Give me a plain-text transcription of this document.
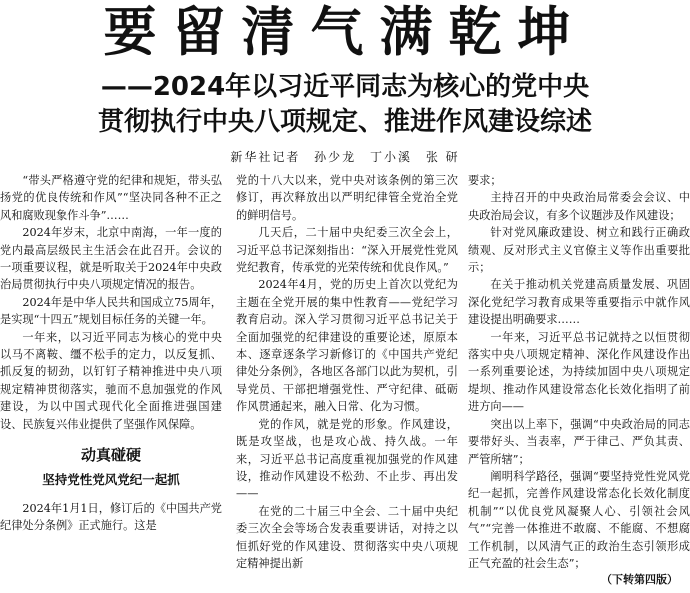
要留清气满乾坤
——2024年以习近平同志为核心的党中央
贯彻执行中央八项规定、推进作风建设综述
新华社记者 孙少龙 丁小溪 张 研

“带头严格遵守党的纪律和规矩，带头弘扬党的优良传统和作风”“坚决同各种不正之风和腐败现象作斗争”……

2024年岁末，北京中南海，一年一度的党内最高层级民主生活会在此召开。会议的一项重要议程，就是听取关于2024年中央政治局贯彻执行中央八项规定情况的报告。

2024年是中华人民共和国成立75周年，是实现“十四五”规划目标任务的关键一年。

一年来，以习近平同志为核心的党中央以马不离鞍、缰不松手的定力，以反复抓、抓反复的韧劲，以钉钉子精神推进中央八项规定精神贯彻落实，驰而不息加强党的作风建设，为以中国式现代化全面推进强国建设、民族复兴伟业提供了坚强作风保障。

动真碰硬
坚持党性党风党纪一起抓

2024年1月1日，修订后的《中国共产党纪律处分条例》正式施行。这是

党的十八大以来，党中央对该条例的第三次修订，再次释放出以严明纪律管全党治全党的鲜明信号。

几天后，二十届中央纪委三次全会上，习近平总书记深刻指出：“深入开展党性党风党纪教育，传承党的光荣传统和优良作风。”

2024年4月，党的历史上首次以党纪为主题在全党开展的集中性教育——党纪学习教育启动。深入学习贯彻习近平总书记关于全面加强党的纪律建设的重要论述，原原本本、逐章逐条学习新修订的《中国共产党纪律处分条例》，各地区各部门以此为契机，引导党员、干部把增强党性、严守纪律、砥砺作风贯通起来，融入日常、化为习惯。

党的作风，就是党的形象。作风建设，既是攻坚战，也是攻心战、持久战。一年来，习近平总书记高度重视加强党的作风建设，推动作风建设不松劲、不止步、再出发——

在党的二十届三中全会、二十届中央纪委三次全会等场合发表重要讲话，对持之以恒抓好党的作风建设、贯彻落实中央八项规定精神提出新

要求；

主持召开的中央政治局常委会会议、中央政治局会议，有多个议题涉及作风建设；

针对党风廉政建设、树立和践行正确政绩观、反对形式主义官僚主义等作出重要批示；

在关于推动机关党建高质量发展、巩固深化党纪学习教育成果等重要指示中就作风建设提出明确要求……

一年来，习近平总书记就持之以恒贯彻落实中央八项规定精神、深化作风建设作出一系列重要论述，为持续加固中央八项规定堤坝、推动作风建设常态化长效化指明了前进方向——

突出以上率下，强调“中央政治局的同志要带好头、当表率，严于律己、严负其责、严管所辖”；

阐明科学路径，强调“要坚持党性党风党纪一起抓，完善作风建设常态化长效化制度机制”“以优良党风凝聚人心、引领社会风气”“完善一体推进不敢腐、不能腐、不想腐工作机制，以风清气正的政治生态引领形成正气充盈的社会生态”；

（下转第四版）
